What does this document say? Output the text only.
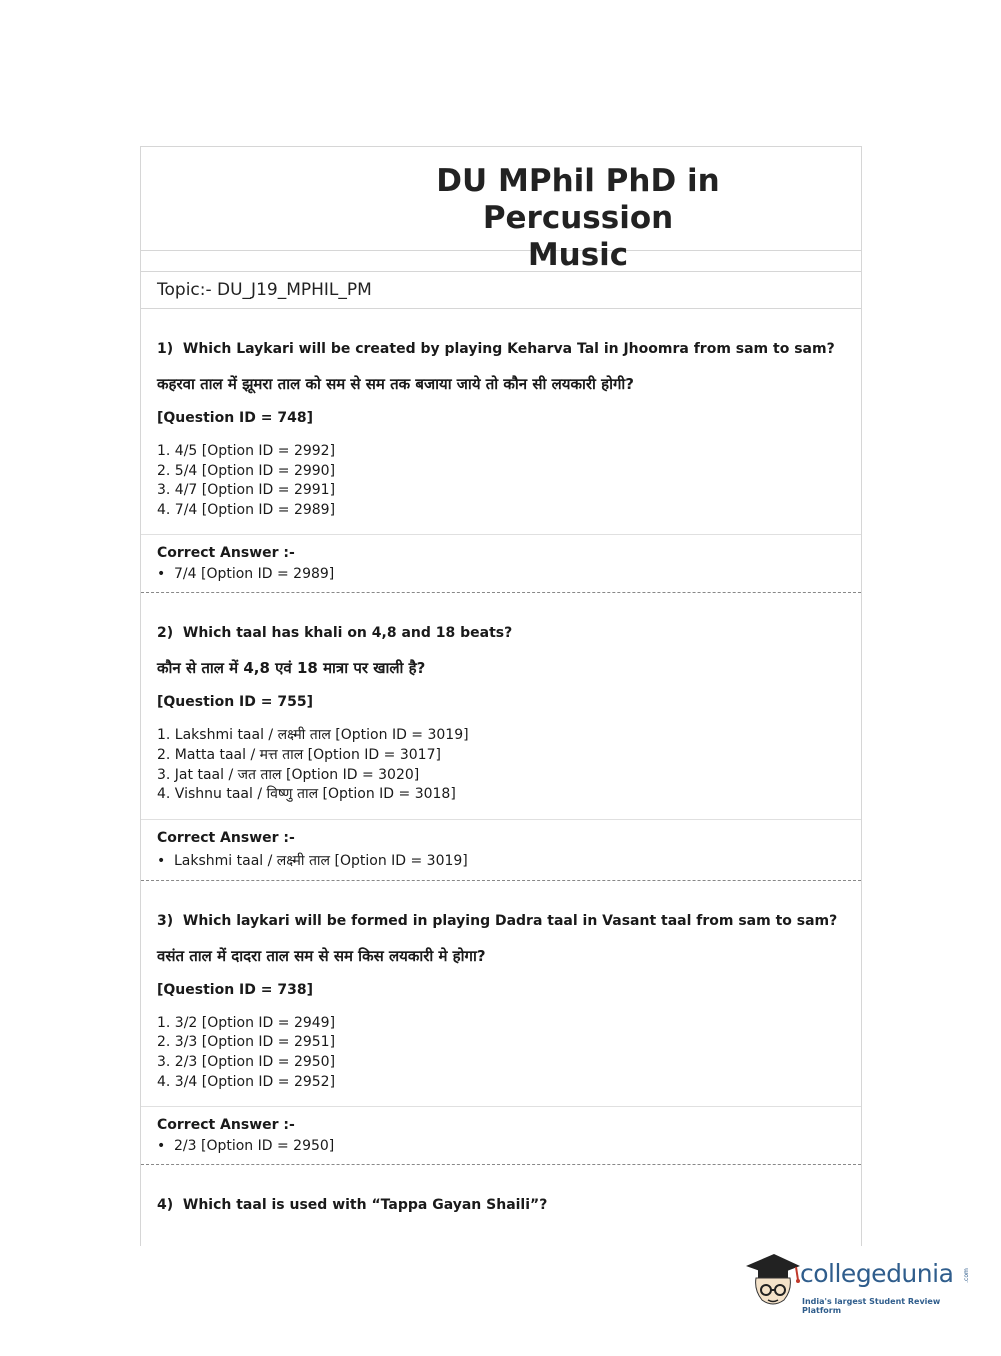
DU MPhil PhD in Percussion
Music
Topic:- DU_J19_MPHIL_PM
1) Which Laykari will be created by playing Keharva Tal in Jhoomra from sam to sam?
कहरवा ताल में झूमरा ताल को सम से सम तक बजाया जाये तो कौन सी लयकारी होगी?
[Question ID = 748]
1. 4/5 [Option ID = 2992]
2. 5/4 [Option ID = 2990]
3. 4/7 [Option ID = 2991]
4. 7/4 [Option ID = 2989]
Correct Answer :-
• 7/4 [Option ID = 2989]
2) Which taal has khali on 4,8 and 18 beats?
कौन से ताल में 4,8 एवं 18 मात्रा पर खाली है?
[Question ID = 755]
1. Lakshmi taal / लक्ष्मी ताल [Option ID = 3019]
2. Matta taal / मत्त ताल [Option ID = 3017]
3. Jat taal / जत ताल [Option ID = 3020]
4. Vishnu taal / विष्णु ताल [Option ID = 3018]
Correct Answer :-
• Lakshmi taal / लक्ष्मी ताल [Option ID = 3019]
3) Which laykari will be formed in playing Dadra taal in Vasant taal from sam to sam?
वसंत ताल में दादरा ताल सम से सम किस लयकारी मे होगा?
[Question ID = 738]
1. 3/2 [Option ID = 2949]
2. 3/3 [Option ID = 2951]
3. 2/3 [Option ID = 2950]
4. 3/4 [Option ID = 2952]
Correct Answer :-
• 2/3 [Option ID = 2950]
4) Which taal is used with “Tappa Gayan Shaili”?
collegedunia .com
India's largest Student Review Platform
